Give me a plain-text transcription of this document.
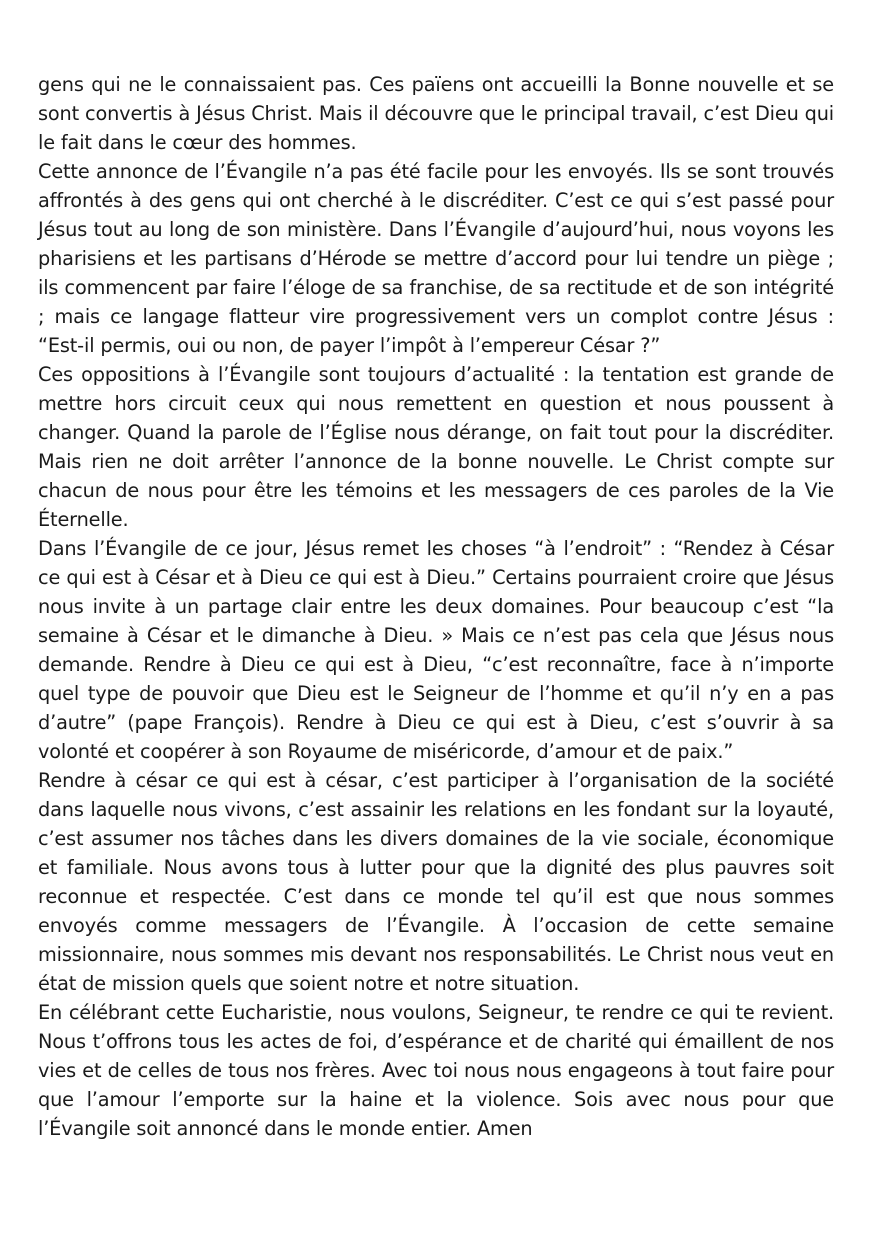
gens qui ne le connaissaient pas. Ces païens ont accueilli la Bonne nouvelle et se sont convertis à Jésus Christ. Mais il découvre que le principal travail, c’est Dieu qui le fait dans le cœur des hommes.

Cette annonce de l’Évangile n’a pas été facile pour les envoyés. Ils se sont trouvés affrontés à des gens qui ont cherché à le discréditer. C’est ce qui s’est passé pour Jésus tout au long de son ministère. Dans l’Évangile d’aujourd’hui, nous voyons les pharisiens et les partisans d’Hérode se mettre d’accord pour lui tendre un piège ; ils commencent par faire l’éloge de sa franchise, de sa rectitude et de son intégrité ; mais ce langage flatteur vire progressivement vers un complot contre Jésus : “Est-il permis, oui ou non, de payer l’impôt à l’empereur César ?”

Ces oppositions à l’Évangile sont toujours d’actualité : la tentation est grande de mettre hors circuit ceux qui nous remettent en question et nous poussent à changer. Quand la parole de l’Église nous dérange, on fait tout pour la discréditer. Mais rien ne doit arrêter l’annonce de la bonne nouvelle. Le Christ compte sur chacun de nous pour être les témoins et les messagers de ces paroles de la Vie Éternelle.

Dans l’Évangile de ce jour, Jésus remet les choses “à l’endroit” : “Rendez à César ce qui est à César et à Dieu ce qui est à Dieu.” Certains pourraient croire que Jésus nous invite à un partage clair entre les deux domaines. Pour beaucoup c’est “la semaine à César et le dimanche à Dieu. » Mais ce n’est pas cela que Jésus nous demande. Rendre à Dieu ce qui est à Dieu, “c’est reconnaître, face à n’importe quel type de pouvoir que Dieu est le Seigneur de l’homme et qu’il n’y en a pas d’autre” (pape François). Rendre à Dieu ce qui est à Dieu, c’est s’ouvrir à sa volonté et coopérer à son Royaume de miséricorde, d’amour et de paix.”

Rendre à césar ce qui est à césar, c’est participer à l’organisation de la société dans laquelle nous vivons, c’est assainir les relations en les fondant sur la loyauté, c’est assumer nos tâches dans les divers domaines de la vie sociale, économique et familiale. Nous avons tous à lutter pour que la dignité des plus pauvres soit reconnue et respectée. C’est dans ce monde tel qu’il est que nous sommes envoyés comme messagers de l’Évangile. À l’occasion de cette semaine missionnaire, nous sommes mis devant nos responsabilités. Le Christ nous veut en état de mission quels que soient notre et notre situation.

En célébrant cette Eucharistie, nous voulons, Seigneur, te rendre ce qui te revient. Nous t’offrons tous les actes de foi, d’espérance et de charité qui émaillent de nos vies et de celles de tous nos frères. Avec toi nous nous engageons à tout faire pour que l’amour l’emporte sur la haine et la violence. Sois avec nous pour que l’Évangile soit annoncé dans le monde entier. Amen
